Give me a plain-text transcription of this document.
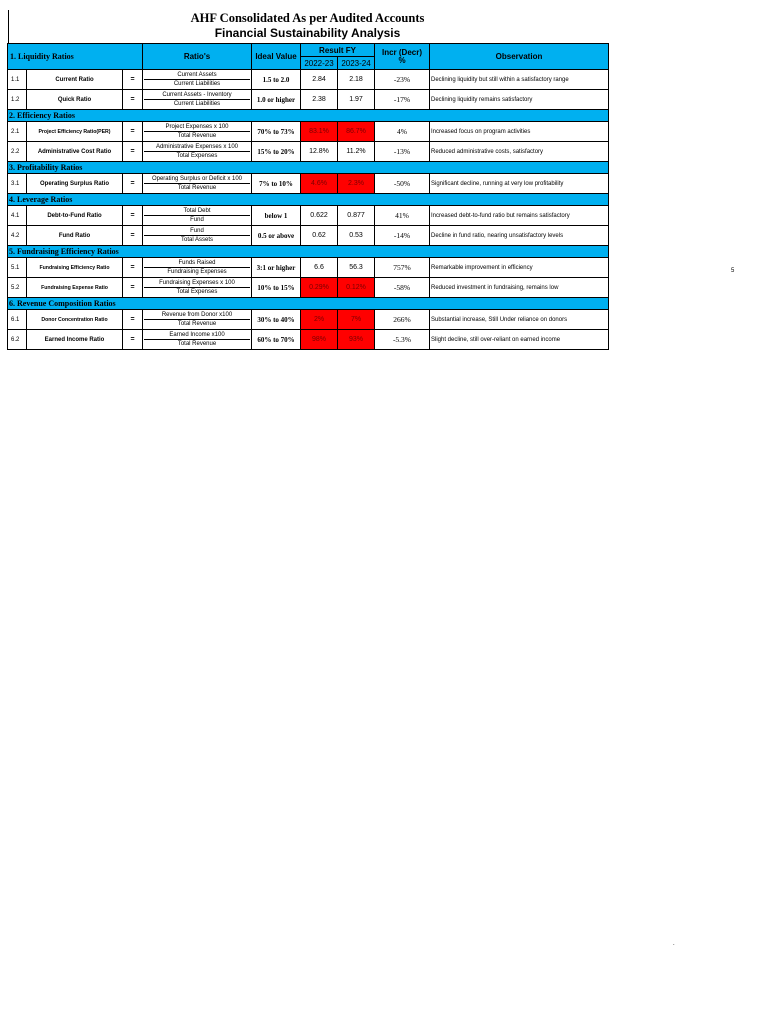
AHF Consolidated As per Audited Accounts
Financial Sustainability Analysis
1. Liquidity Ratios			Ratio's	Ideal Value	Result FY		Incr (Decr)
%	Observation
					2022-23	2023-24		
1.1	Current Ratio	=	Current Assets
Current Liabilities	1.5 to 2.0	2.84	2.18	-23%	Declining liquidity but still within a satisfactory range
1.2	Quick Ratio	=	Current Assets - Inventory
Current Liabilities	1.0 or higher	2.38	1.97	-17%	Declining liquidity remains satisfactory
2. Efficiency Ratios								
2.1	Project Efficiency Ratio(PER)	=	Project Expenses x 100
Total Revenue	70% to 73%	83.1%	86.7%	4%	Increased focus on program activities
2.2	Administrative Cost Ratio	=	Administrative Expenses x 100
Total Expenses	15% to 20%	12.8%	11.2%	-13%	Reduced administrative costs, satisfactory
3. Profitability Ratios								
3.1	Operating Surplus Ratio	=	Operating Surplus or Deficit x 100
Total Revenue	7% to 10%	4.6%	2.3%	-50%	Significant decline, running at very low profitability
4. Leverage Ratios								
4.1	Debt-to-Fund Ratio	=	Total Debt
Fund	below 1	0.622	0.877	41%	Increased debt-to-fund ratio but remains satisfactory
4.2	Fund Ratio	=	Fund
Total Assets	0.5 or above	0.62	0.53	-14%	Decline in fund ratio, nearing unsatisfactory levels
5. Fundraising Efficiency Ratios								
5.1	Fundraising Efficiency Ratio	=	Funds Raised
Fundraising Expenses	3:1 or higher	6.6	56.3	757%	Remarkable improvement in efficiency
5.2	Fundraising Expense Ratio	=	Fundraising Expenses x 100
Total Expenses	10% to 15%	0.29%	0.12%	-58%	Reduced investment in fundraising, remains low
6. Revenue Composition Ratios								
6.1	Donor Concentration Ratio	=	Revenue from Donor x100
Total Revenue	30% to 40%	2%	7%	266%	Substantial increase, Still Under reliance on donors
6.2	Earned Income Ratio	=	Earned Income x100
Total Revenue	60% to 70%	98%	93%	-5.3%	Slight decline, still over-reliant on earned income
5
.
